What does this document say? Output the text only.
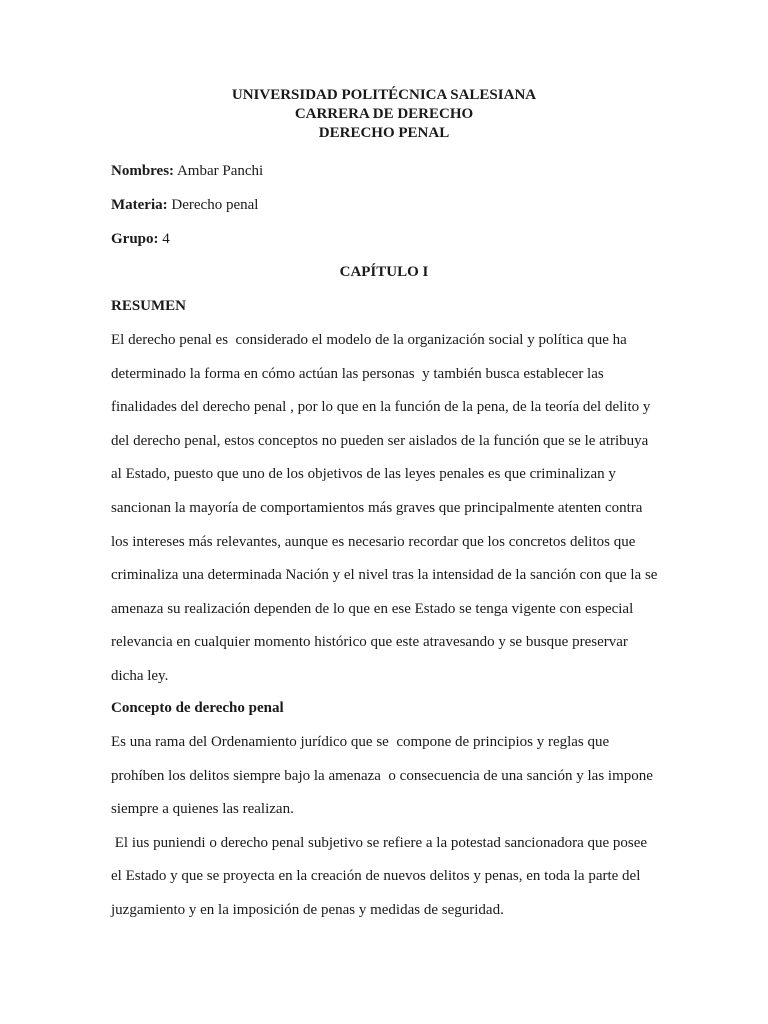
UNIVERSIDAD POLITÉCNICA SALESIANA
CARRERA DE DERECHO
DERECHO PENAL
Nombres: Ambar Panchi
Materia: Derecho penal
Grupo: 4
CAPÍTULO I
RESUMEN
El derecho penal es  considerado el modelo de la organización social y política que ha
determinado la forma en cómo actúan las personas  y también busca establecer las
finalidades del derecho penal , por lo que en la función de la pena, de la teoría del delito y
del derecho penal, estos conceptos no pueden ser aislados de la función que se le atribuya
al Estado, puesto que uno de los objetivos de las leyes penales es que criminalizan y
sancionan la mayoría de comportamientos más graves que principalmente atenten contra
los intereses más relevantes, aunque es necesario recordar que los concretos delitos que
criminaliza una determinada Nación y el nivel tras la intensidad de la sanción con que la se
amenaza su realización dependen de lo que en ese Estado se tenga vigente con especial
relevancia en cualquier momento histórico que este atravesando y se busque preservar
dicha ley.
Concepto de derecho penal
Es una rama del Ordenamiento jurídico que se  compone de principios y reglas que
prohíben los delitos siempre bajo la amenaza  o consecuencia de una sanción y las impone
siempre a quienes las realizan.
El ius puniendi o derecho penal subjetivo se refiere a la potestad sancionadora que posee
el Estado y que se proyecta en la creación de nuevos delitos y penas, en toda la parte del
juzgamiento y en la imposición de penas y medidas de seguridad.
